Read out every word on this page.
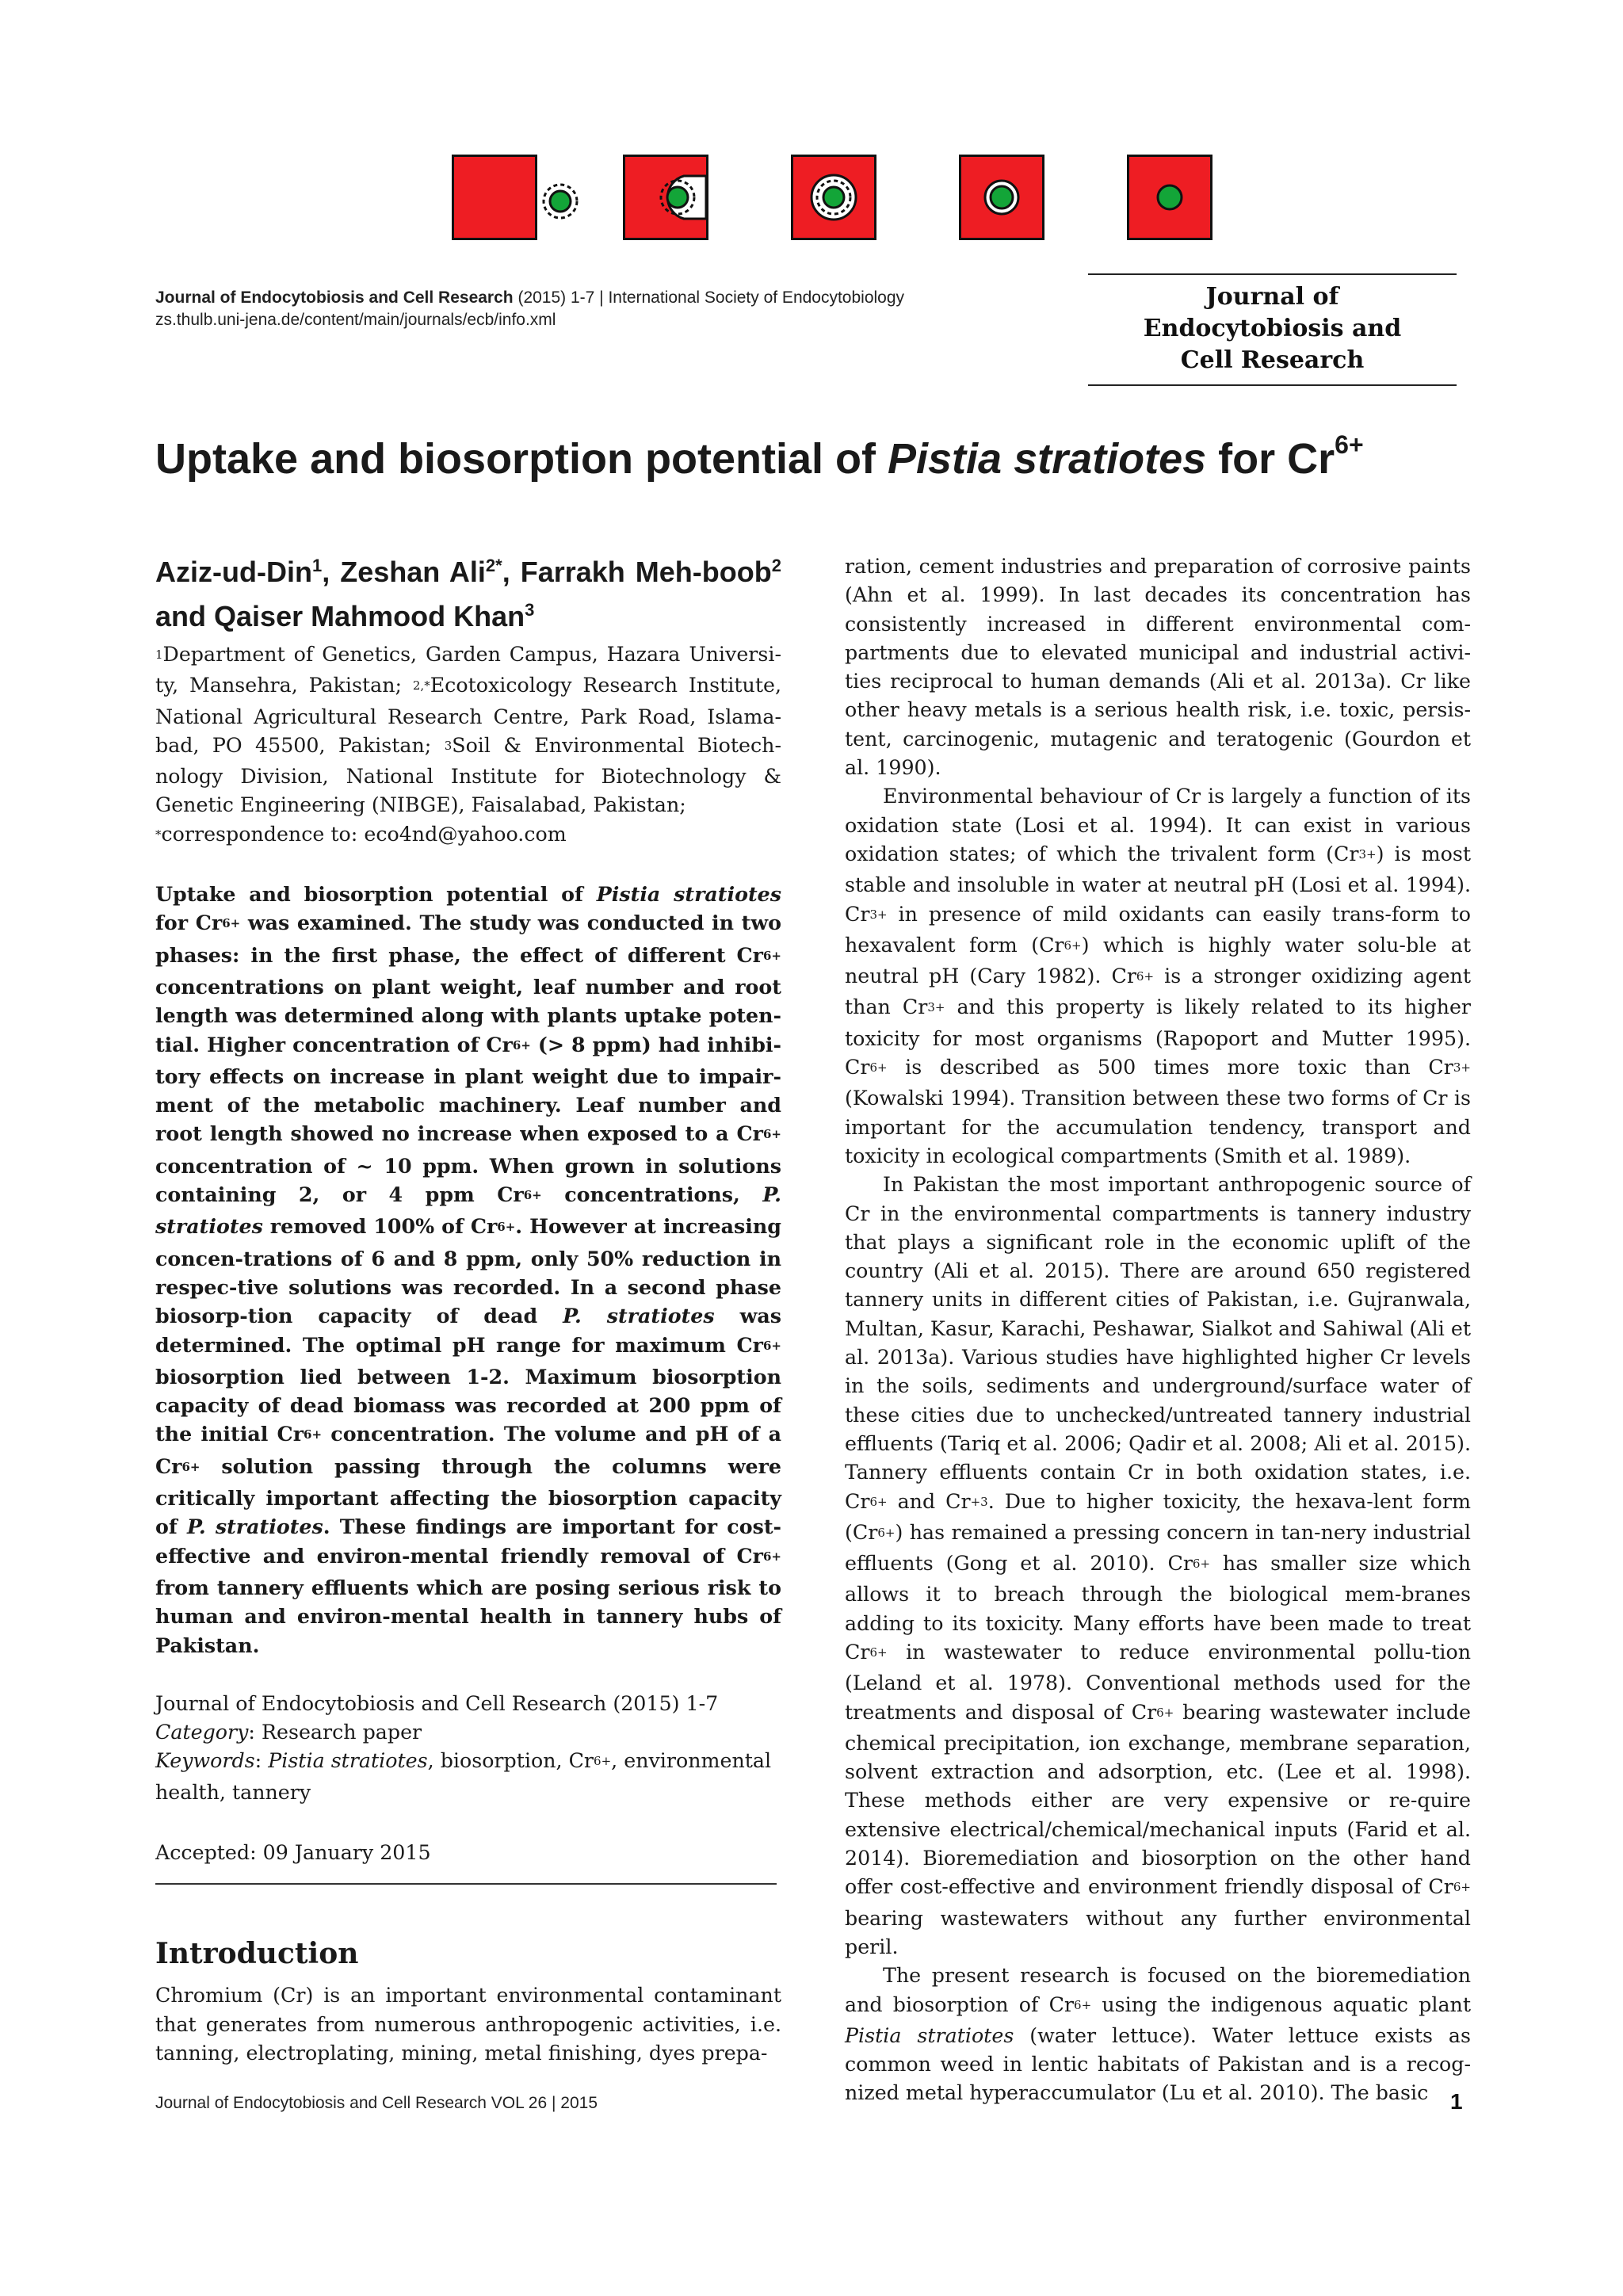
Journal of Endocytobiosis and Cell Research (2015) 1-7 | International Society of Endocytobiology
zs.thulb.uni-jena.de/content/main/journals/ecb/info.xml
Journal of
Endocytobiosis and
Cell Research
Uptake and biosorption potential of Pistia stratiotes for $Cr^{6+}$
Aziz-ud-Din$^1$, Zeshan Ali$^{2*}$, Farrakh Meh-boob$^2$ and Qaiser Mahmood Khan$^3$
$^1$Department of Genetics, Garden Campus, Hazara Universi-ty, Mansehra, Pakistan; $^{2,*}$Ecotoxicology Research Institute, National Agricultural Research Centre, Park Road, Islama-bad, PO 45500, Pakistan; $^3$Soil & Environmental Biotech-nology Division, National Institute for Biotechnology & Genetic Engineering (NIBGE), Faisalabad, Pakistan;
*correspondence to: eco4nd@yahoo.com
Uptake and biosorption potential of Pistia stratiotes for $Cr^{6+}$ was examined. The study was conducted in two phases: in the first phase, the effect of different $Cr^{6+}$ concentrations on plant weight, leaf number and root length was determined along with plants uptake poten-tial. Higher concentration of $Cr^{6+}$ (> 8 ppm) had inhibi-tory effects on increase in plant weight due to impair-ment of the metabolic machinery. Leaf number and root length showed no increase when exposed to a $Cr^{6+}$ concentration of ~ 10 ppm. When grown in solutions containing 2, or 4 ppm $Cr^{6+}$ concentrations, P. stratiotes removed 100% of $Cr^{6+}$. However at increasing concen-trations of 6 and 8 ppm, only 50% reduction in respec-tive solutions was recorded. In a second phase biosorp-tion capacity of dead P. stratiotes was determined. The optimal pH range for maximum $Cr^{6+}$ biosorption lied between 1-2. Maximum biosorption capacity of dead biomass was recorded at 200 ppm of the initial $Cr^{6+}$ concentration. The volume and pH of a $Cr^{6+}$ solution passing through the columns were critically important affecting the biosorption capacity of P. stratiotes. These findings are important for cost-effective and environ-mental friendly removal of $Cr^{6+}$ from tannery effluents which are posing serious risk to human and environ-mental health in tannery hubs of Pakistan.
Journal of Endocytobiosis and Cell Research (2015) 1-7
Category: Research paper
Keywords: Pistia stratiotes, biosorption, $Cr^{6+}$, environmental health, tannery
Accepted: 09 January 2015
Introduction
Chromium (Cr) is an important environmental contaminant that generates from numerous anthropogenic activities, i.e. tanning, electroplating, mining, metal finishing, dyes prepa-

ration, cement industries and preparation of corrosive paints (Ahn et al. 1999). In last decades its concentration has consistently increased in different environmental com-partments due to elevated municipal and industrial activi-ties reciprocal to human demands (Ali et al. 2013a). Cr like other heavy metals is a serious health risk, i.e. toxic, persis-tent, carcinogenic, mutagenic and teratogenic (Gourdon et al. 1990).

Environmental behaviour of Cr is largely a function of its oxidation state (Losi et al. 1994). It can exist in various oxidation states; of which the trivalent form $(Cr^{3+})$ is most stable and insoluble in water at neutral pH (Losi et al. 1994). $Cr^{3+}$ in presence of mild oxidants can easily trans-form to hexavalent form $(Cr^{6+})$ which is highly water solu-ble at neutral pH (Cary 1982). $Cr^{6+}$ is a stronger oxidizing agent than $Cr^{3+}$ and this property is likely related to its higher toxicity for most organisms (Rapoport and Mutter 1995). $Cr^{6+}$ is described as 500 times more toxic than $Cr^{3+}$ (Kowalski 1994). Transition between these two forms of Cr is important for the accumulation tendency, transport and toxicity in ecological compartments (Smith et al. 1989).

In Pakistan the most important anthropogenic source of Cr in the environmental compartments is tannery industry that plays a significant role in the economic uplift of the country (Ali et al. 2015). There are around 650 registered tannery units in different cities of Pakistan, i.e. Gujranwala, Multan, Kasur, Karachi, Peshawar, Sialkot and Sahiwal (Ali et al. 2013a). Various studies have highlighted higher Cr levels in the soils, sediments and underground/surface water of these cities due to unchecked/untreated tannery industrial effluents (Tariq et al. 2006; Qadir et al. 2008; Ali et al. 2015). Tannery effluents contain Cr in both oxidation states, i.e. $Cr^{6+}$ and $Cr^{+3}$. Due to higher toxicity, the hexava-lent form $(Cr^{6+})$ has remained a pressing concern in tan-nery industrial effluents (Gong et al. 2010). $Cr^{6+}$ has smaller size which allows it to breach through the biological mem-branes adding to its toxicity. Many efforts have been made to treat $Cr^{6+}$ in wastewater to reduce environmental pollu-tion (Leland et al. 1978). Conventional methods used for the treatments and disposal of $Cr^{6+}$ bearing wastewater include chemical precipitation, ion exchange, membrane separation, solvent extraction and adsorption, etc. (Lee et al. 1998). These methods either are very expensive or re-quire extensive electrical/chemical/mechanical inputs (Farid et al. 2014). Bioremediation and biosorption on the other hand offer cost-effective and environment friendly disposal of $Cr^{6+}$ bearing wastewaters without any further environmental peril.

The present research is focused on the bioremediation and biosorption of $Cr^{6+}$ using the indigenous aquatic plant Pistia stratiotes (water lettuce). Water lettuce exists as common weed in lentic habitats of Pakistan and is a recog-nized metal hyperaccumulator (Lu et al. 2010). The basic

Journal of Endocytobiosis and Cell Research VOL 26 | 2015	1
